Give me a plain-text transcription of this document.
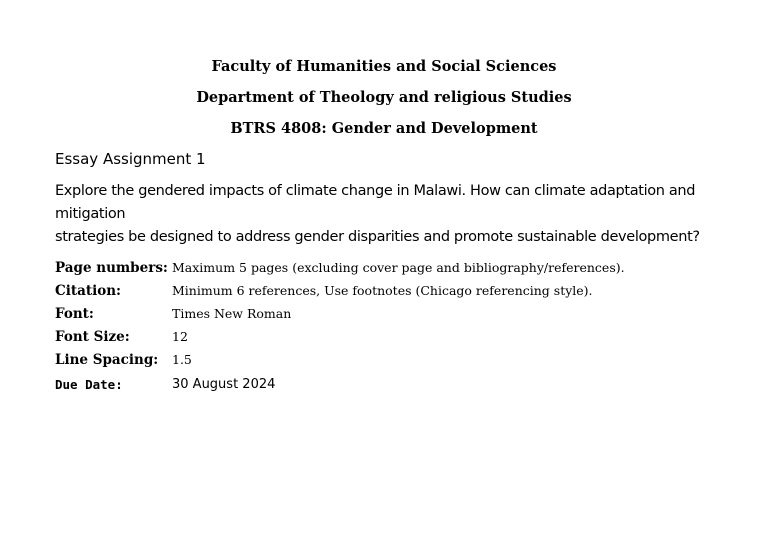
Faculty of Humanities and Social Sciences
Department of Theology and religious Studies
BTRS 4808: Gender and Development
Essay Assignment 1
Explore the gendered impacts of climate change in Malawi. How can climate adaptation and mitigation
strategies be designed to address gender disparities and promote sustainable development?
Page numbers: Maximum 5 pages (excluding cover page and bibliography/references).
Citation:	Minimum 6 references, Use footnotes (Chicago referencing style).
Font:	Times New Roman
Font Size:	12
Line Spacing: 1.5
Due Date:	30 August 2024
